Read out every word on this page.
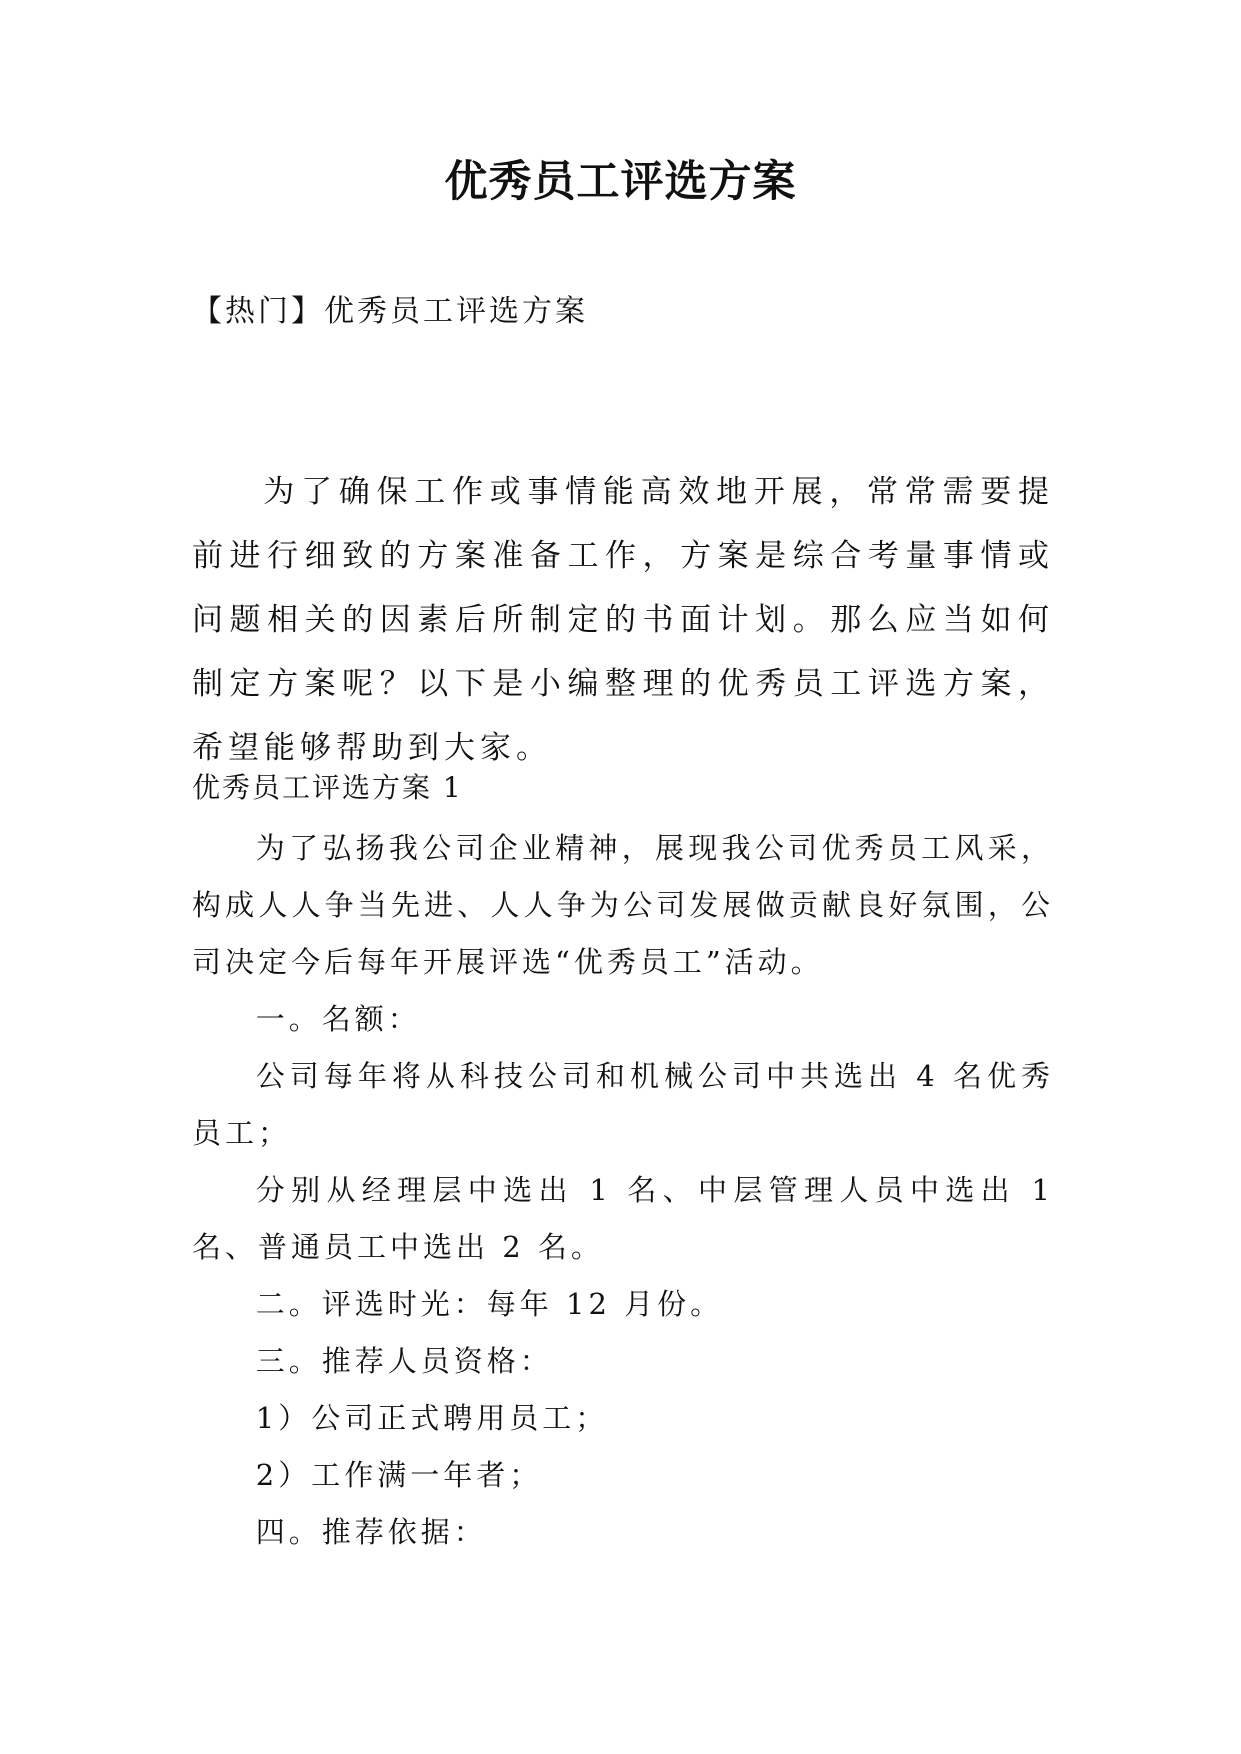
优秀员工评选方案

【热门】优秀员工评选方案

为了确保工作或事情能高效地开展，常常需要提前进行细致的方案准备工作，方案是综合考量事情或问题相关的因素后所制定的书面计划。那么应当如何制定方案呢？以下是小编整理的优秀员工评选方案，希望能够帮助到大家。

优秀员工评选方案 1

为了弘扬我公司企业精神，展现我公司优秀员工风采，构成人人争当先进、人人争为公司发展做贡献良好氛围，公司决定今后每年开展评选“优秀员工”活动。

一。名额：

公司每年将从科技公司和机械公司中共选出 4 名优秀员工；

分别从经理层中选出 1 名、中层管理人员中选出 1 名、普通员工中选出 2 名。

二。评选时光：每年 12 月份。

三。推荐人员资格：

1）公司正式聘用员工；

2）工作满一年者；

四。推荐依据：
